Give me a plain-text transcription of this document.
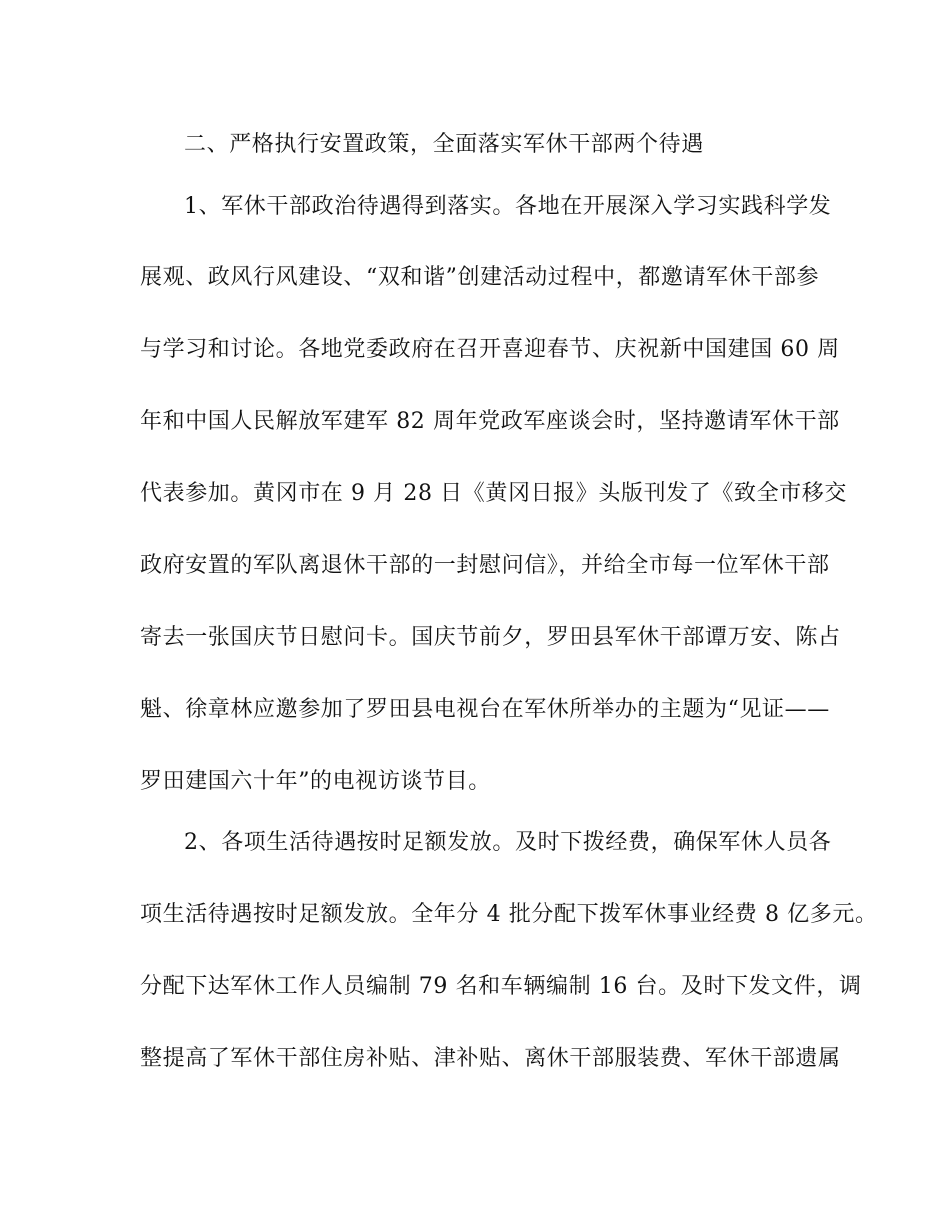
二、严格执行安置政策，全面落实军休干部两个待遇
1、军休干部政治待遇得到落实。各地在开展深入学习实践科学发
展观、政风行风建设、“双和谐”创建活动过程中，都邀请军休干部参
与学习和讨论。各地党委政府在召开喜迎春节、庆祝新中国建国 60 周
年和中国人民解放军建军 82 周年党政军座谈会时，坚持邀请军休干部
代表参加。黄冈市在 9 月 28 日《黄冈日报》头版刊发了《致全市移交
政府安置的军队离退休干部的一封慰问信》，并给全市每一位军休干部
寄去一张国庆节日慰问卡。国庆节前夕，罗田县军休干部谭万安、陈占
魁、徐章林应邀参加了罗田县电视台在军休所举办的主题为“见证——
罗田建国六十年”的电视访谈节目。
2、各项生活待遇按时足额发放。及时下拨经费，确保军休人员各
项生活待遇按时足额发放。全年分 4 批分配下拨军休事业经费 8 亿多元。
分配下达军休工作人员编制 79 名和车辆编制 16 台。及时下发文件，调
整提高了军休干部住房补贴、津补贴、离休干部服装费、军休干部遗属
